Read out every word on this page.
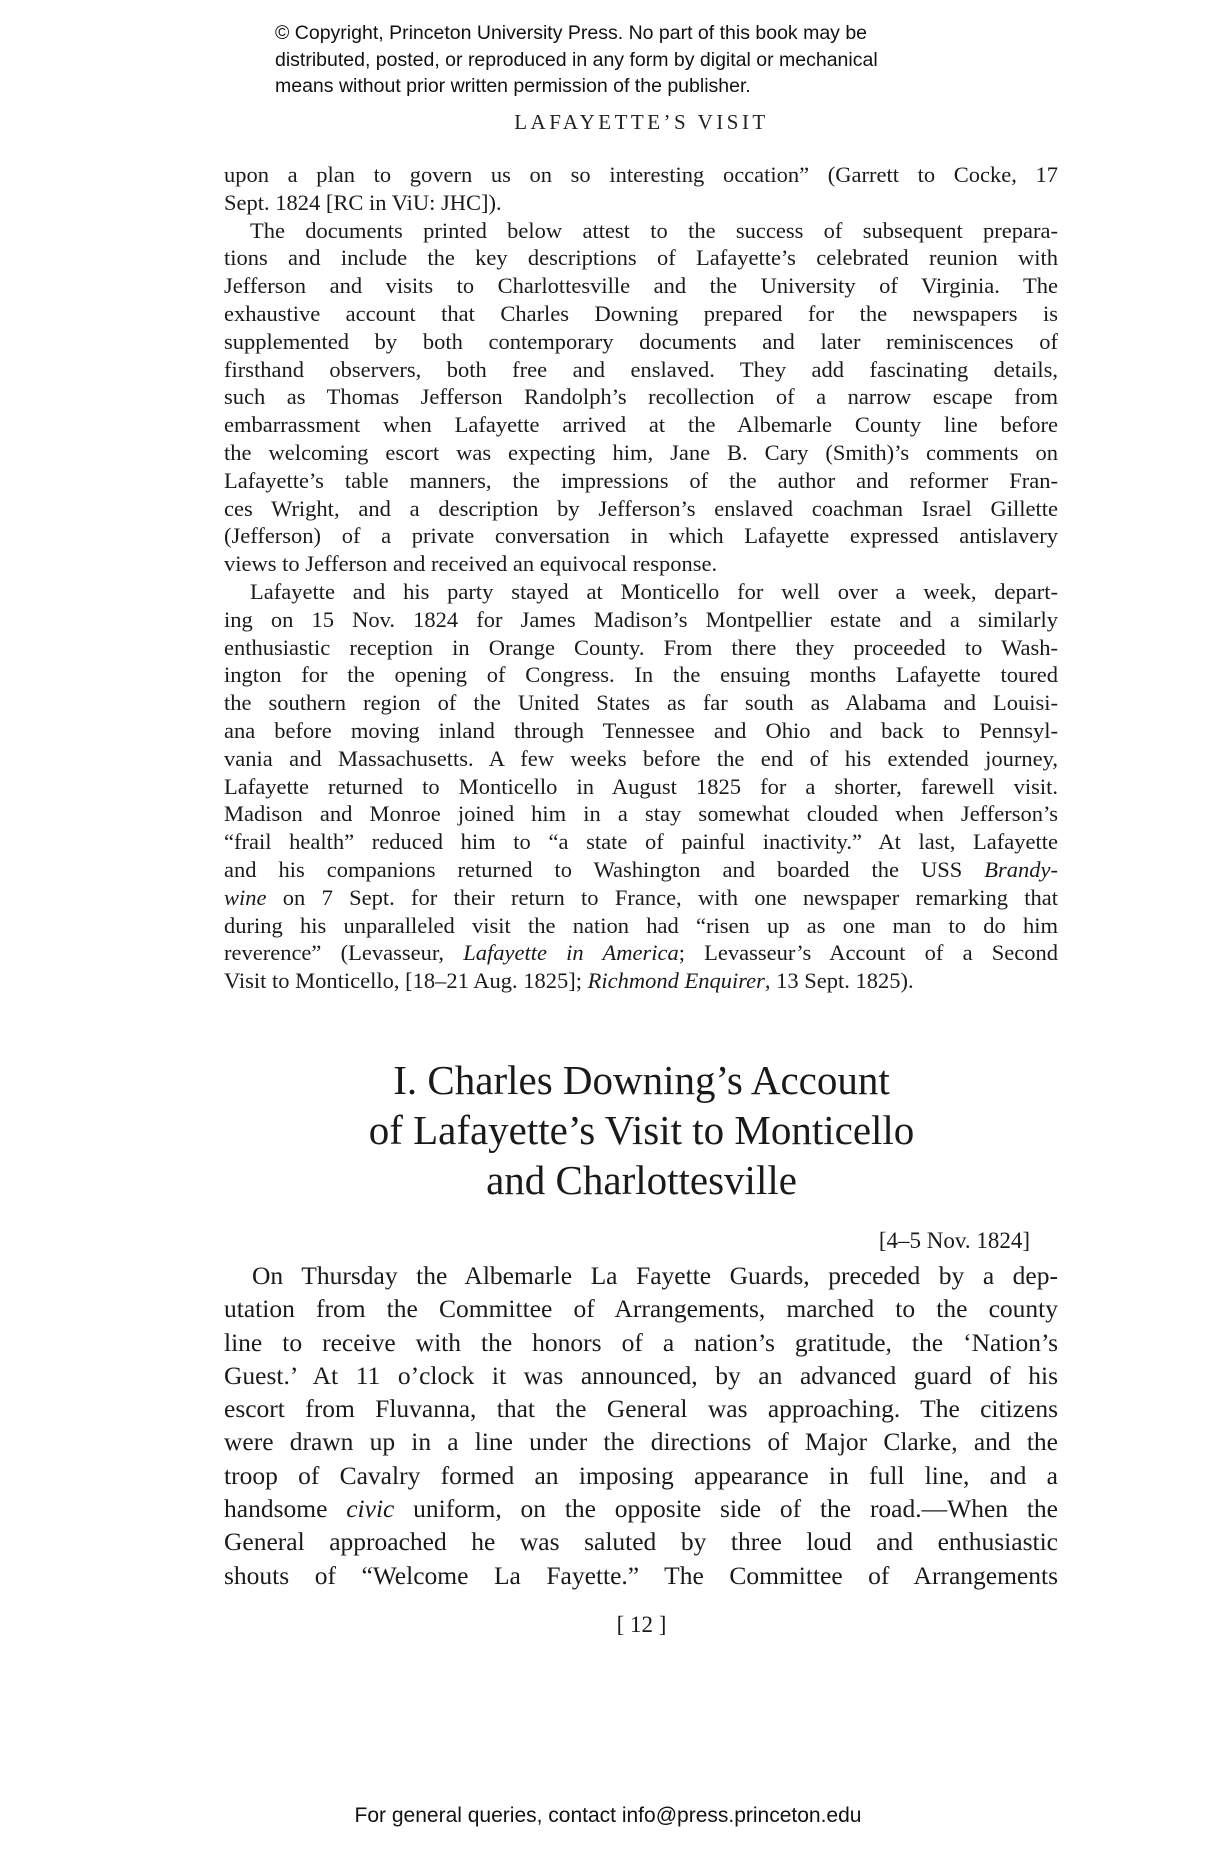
© Copyright, Princeton University Press. No part of this book may be
distributed, posted, or reproduced in any form by digital or mechanical
means without prior written permission of the publisher.
LAFAYETTE’S VISIT
upon a plan to govern us on so interesting occation” (Garrett to Cocke, 17
Sept. 1824 [RC in ViU: JHC]).
The documents printed below attest to the success of subsequent prepara-
tions and include the key descriptions of Lafayette’s celebrated reunion with
Jefferson and visits to Charlottesville and the University of Virginia. The
exhaustive account that Charles Downing prepared for the newspapers is
supplemented by both contemporary documents and later reminiscences of
firsthand observers, both free and enslaved. They add fascinating details,
such as Thomas Jefferson Randolph’s recollection of a narrow escape from
embarrassment when Lafayette arrived at the Albemarle County line before
the welcoming escort was expecting him, Jane B. Cary (Smith)’s comments on
Lafayette’s table manners, the impressions of the author and reformer Fran-
ces Wright, and a description by Jefferson’s enslaved coachman Israel Gillette
(Jefferson) of a private conversation in which Lafayette expressed antislavery
views to Jefferson and received an equivocal response.
Lafayette and his party stayed at Monticello for well over a week, depart-
ing on 15 Nov. 1824 for James Madison’s Montpellier estate and a similarly
enthusiastic reception in Orange County. From there they proceeded to Wash-
ington for the opening of Congress. In the ensuing months Lafayette toured
the southern region of the United States as far south as Alabama and Louisi-
ana before moving inland through Tennessee and Ohio and back to Pennsyl-
vania and Massachusetts. A few weeks before the end of his extended journey,
Lafayette returned to Monticello in August 1825 for a shorter, farewell visit.
Madison and Monroe joined him in a stay somewhat clouded when Jefferson’s
“frail health” reduced him to “a state of painful inactivity.” At last, Lafayette
and his companions returned to Washington and boarded the USS Brandy-
wine on 7 Sept. for their return to France, with one newspaper remarking that
during his unparalleled visit the nation had “risen up as one man to do him
reverence” (Levasseur, Lafayette in America; Levasseur’s Account of a Second
Visit to Monticello, [18–21 Aug. 1825]; Richmond Enquirer, 13 Sept. 1825).
I. Charles Downing’s Account
of Lafayette’s Visit to Monticello
and Charlottesville
[4–5 Nov. 1824]
On Thursday the Albemarle La Fayette Guards, preceded by a dep-
utation from the Committee of Arrangements, marched to the county
line to receive with the honors of a nation’s gratitude, the ‘Nation’s
Guest.’ At 11 o’clock it was announced, by an advanced guard of his
escort from Fluvanna, that the General was approaching. The citizens
were drawn up in a line under the directions of Major Clarke, and the
troop of Cavalry formed an imposing appearance in full line, and a
handsome civic uniform, on the opposite side of the road.—When the
General approached he was saluted by three loud and enthusiastic
shouts of “Welcome La Fayette.” The Committee of Arrangements
[ 12 ]
For general queries, contact info@press.princeton.edu
